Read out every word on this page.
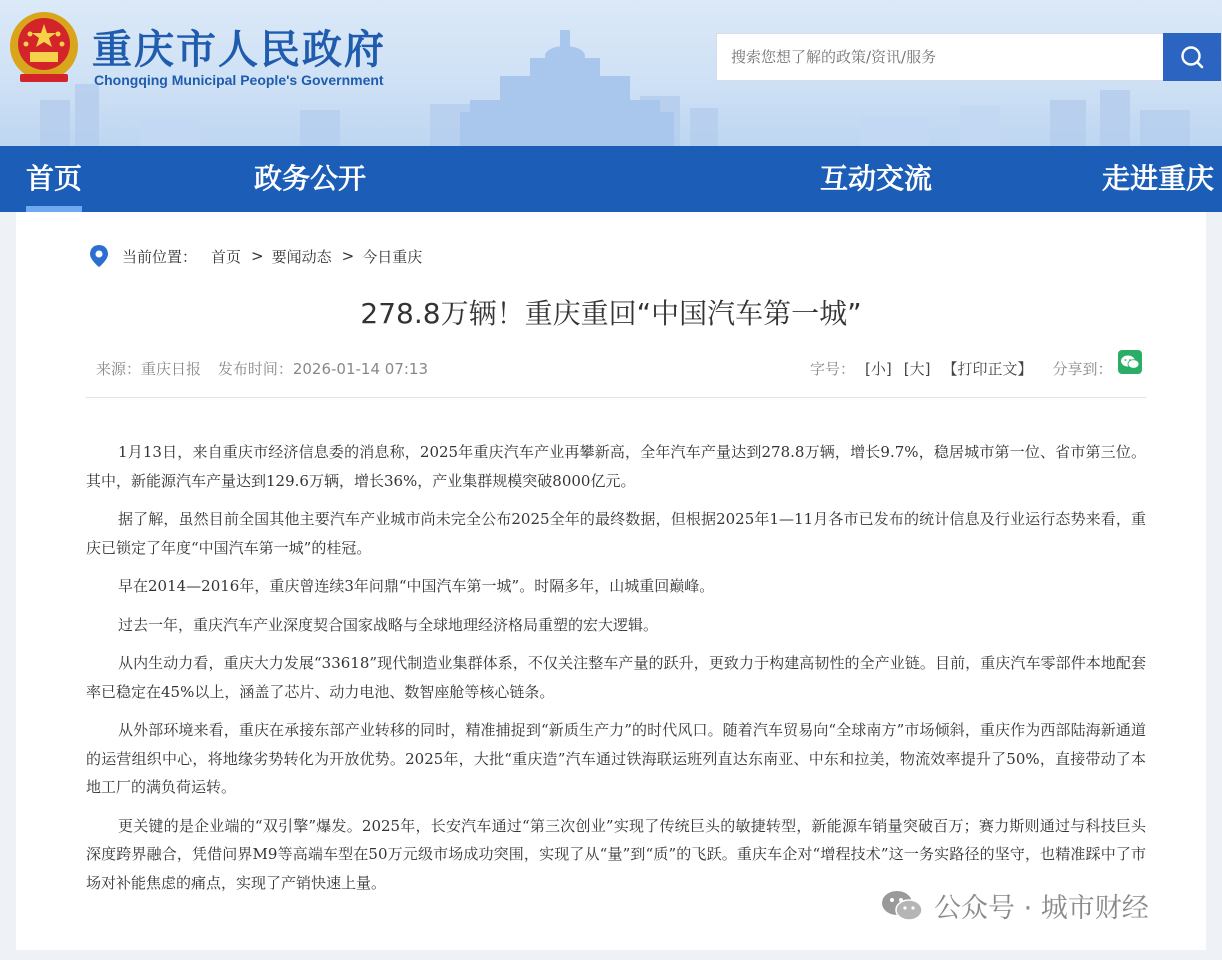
重庆市人民政府
Chongqing Municipal People's Government
搜索您想了解的政策/资讯/服务
首页	政务公开	互动交流	走进重庆
当前位置： 首页 > 要闻动态 > 今日重庆
278.8万辆！重庆重回“中国汽车第一城”
来源：重庆日报 发布时间：2026-01-14 07:13	字号： [小] [大] 【打印正文】 分享到：

1月13日，来自重庆市经济信息委的消息称，2025年重庆汽车产业再攀新高，全年汽车产量达到278.8万辆，增长9.7%，稳居城市第一位、省市第三位。其中，新能源汽车产量达到129.6万辆，增长36%，产业集群规模突破8000亿元。

据了解，虽然目前全国其他主要汽车产业城市尚未完全公布2025全年的最终数据，但根据2025年1—11月各市已发布的统计信息及行业运行态势来看，重庆已锁定了年度“中国汽车第一城”的桂冠。

早在2014—2016年，重庆曾连续3年问鼎“中国汽车第一城”。时隔多年，山城重回巅峰。

过去一年，重庆汽车产业深度契合国家战略与全球地理经济格局重塑的宏大逻辑。

从内生动力看，重庆大力发展“33618”现代制造业集群体系，不仅关注整车产量的跃升，更致力于构建高韧性的全产业链。目前，重庆汽车零部件本地配套率已稳定在45%以上，涵盖了芯片、动力电池、数智座舱等核心链条。

从外部环境来看，重庆在承接东部产业转移的同时，精准捕捉到“新质生产力”的时代风口。随着汽车贸易向“全球南方”市场倾斜，重庆作为西部陆海新通道的运营组织中心，将地缘劣势转化为开放优势。2025年，大批“重庆造”汽车通过铁海联运班列直达东南亚、中东和拉美，物流效率提升了50%，直接带动了本地工厂的满负荷运转。

更关键的是企业端的“双引擎”爆发。2025年，长安汽车通过“第三次创业”实现了传统巨头的敏捷转型，新能源车销量突破百万；赛力斯则通过与科技巨头深度跨界融合，凭借问界M9等高端车型在50万元级市场成功突围，实现了从“量”到“质”的飞跃。重庆车企对“增程技术”这一务实路径的坚守，也精准踩中了市场对补能焦虑的痛点，实现了产销快速上量。

公众号 · 城市财经
